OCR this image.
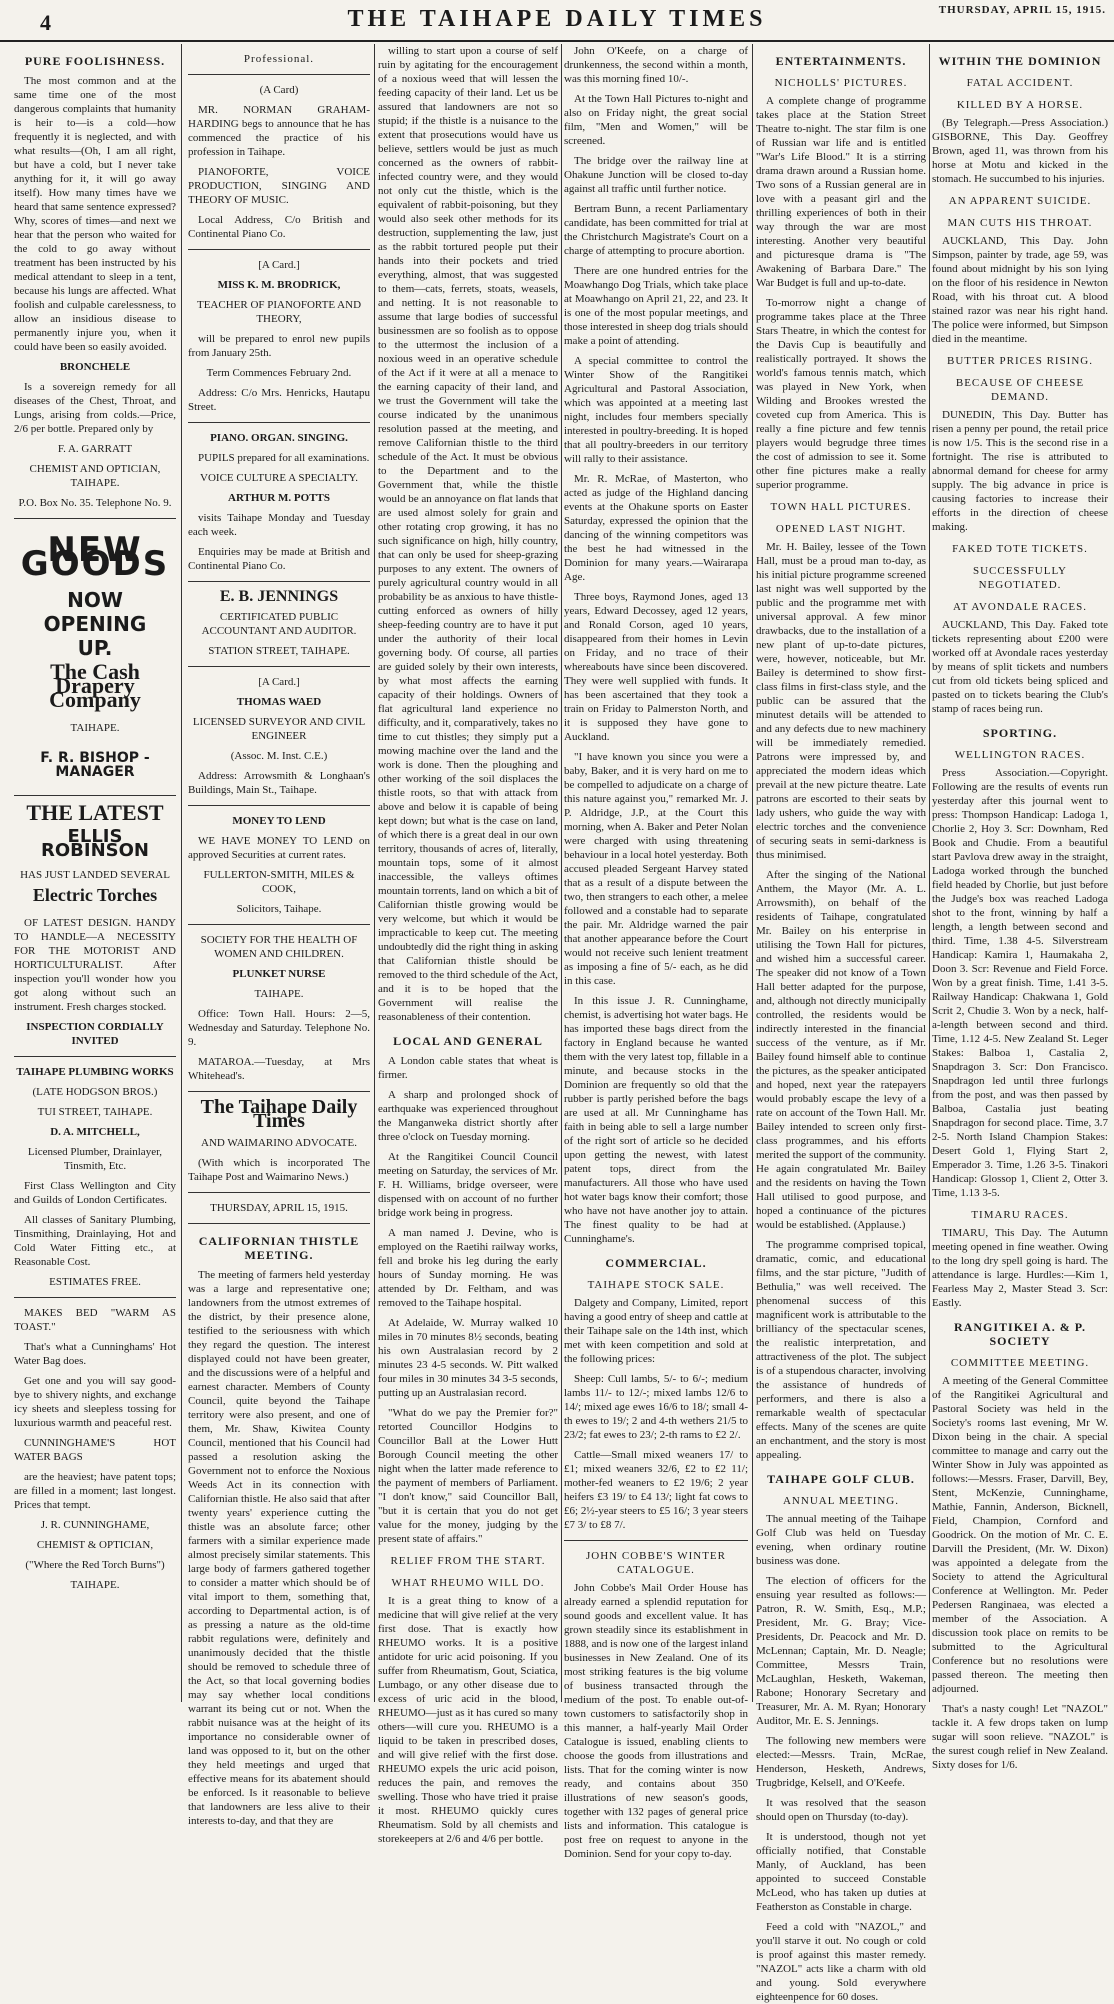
4	THE TAIHAPE DAILY TIMES	THURSDAY, APRIL 15, 1915.
PURE FOOLISHNESS.

The most common and at the same time one of the most dangerous complaints that humanity is heir to—is a cold—how frequently it is neglected, and with what results—(Oh, I am all right, but have a cold, but I never take anything for it, it will go away itself). How many times have we heard that same sentence expressed? Why, scores of times—and next we hear that the person who waited for the cold to go away without treatment has been instructed by his medical attendant to sleep in a tent, because his lungs are affected. What foolish and culpable carelessness, to allow an insidious disease to permanently injure you, when it could have been so easily avoided.

BRONCHELE

Is a sovereign remedy for all diseases of the Chest, Throat, and Lungs, arising from colds.—Price, 2/6 per bottle. Prepared only by

F. A. GARRATT

CHEMIST AND OPTICIAN, TAIHAPE.

P.O. Box No. 35. Telephone No. 9.

NEW GOODS
NOW
OPENING
UP.
The Cash Drapery Company
TAIHAPE.
F. R. BISHOP - MANAGER
THE LATEST
ELLIS ROBINSON
HAS JUST LANDED SEVERAL
Electric Torches

OF LATEST DESIGN. HANDY TO HANDLE—A NECESSITY FOR THE MOTORIST AND HORTICULTURALIST. After inspection you'll wonder how you got along without such an instrument. Fresh charges stocked.

INSPECTION CORDIALLY INVITED

TAIHAPE PLUMBING WORKS

(LATE HODGSON BROS.)

TUI STREET, TAIHAPE.

D. A. MITCHELL,

Licensed Plumber, Drainlayer, Tinsmith, Etc.

First Class Wellington and City and Guilds of London Certificates.

All classes of Sanitary Plumbing, Tinsmithing, Drainlaying, Hot and Cold Water Fitting etc., at Reasonable Cost.

ESTIMATES FREE.

MAKES BED "WARM AS TOAST."

That's what a Cunninghams' Hot Water Bag does.

Get one and you will say good-bye to shivery nights, and exchange icy sheets and sleepless tossing for luxurious warmth and peaceful rest.

CUNNINGHAME'S HOT WATER BAGS

are the heaviest; have patent tops; are filled in a moment; last longest. Prices that tempt.

J. R. CUNNINGHAME,

CHEMIST & OPTICIAN,

("Where the Red Torch Burns")

TAIHAPE.

Professional.

(A Card)

MR. NORMAN GRAHAM-HARDING begs to announce that he has commenced the practice of his profession in Taihape.

PIANOFORTE, VOICE PRODUCTION, SINGING AND THEORY OF MUSIC.

Local Address, C/o British and Continental Piano Co.

[A Card.]

MISS K. M. BRODRICK,

TEACHER OF PIANOFORTE AND THEORY,

will be prepared to enrol new pupils from January 25th.

Term Commences February 2nd.

Address: C/o Mrs. Henricks, Hautapu Street.

PIANO. ORGAN. SINGING.

PUPILS prepared for all examinations.

VOICE CULTURE A SPECIALTY.

ARTHUR M. POTTS

visits Taihape Monday and Tuesday each week.

Enquiries may be made at British and Continental Piano Co.

E. B. JENNINGS

CERTIFICATED PUBLIC ACCOUNTANT AND AUDITOR.

STATION STREET, TAIHAPE.

[A Card.]

THOMAS WAED

LICENSED SURVEYOR AND CIVIL ENGINEER

(Assoc. M. Inst. C.E.)

Address: Arrowsmith & Longhaan's Buildings, Main St., Taihape.

MONEY TO LEND

WE HAVE MONEY TO LEND on approved Securities at current rates.

FULLERTON-SMITH, MILES & COOK,

Solicitors, Taihape.

SOCIETY FOR THE HEALTH OF WOMEN AND CHILDREN.

PLUNKET NURSE

TAIHAPE.

Office: Town Hall. Hours: 2—5, Wednesday and Saturday. Telephone No. 9.

MATAROA.—Tuesday, at Mrs Whitehead's.

The Taihape Daily Times

AND WAIMARINO ADVOCATE.

(With which is incorporated The Taihape Post and Waimarino News.)

THURSDAY, APRIL 15, 1915.

CALIFORNIAN THISTLE MEETING.

The meeting of farmers held yesterday was a large and representative one; landowners from the utmost extremes of the district, by their presence alone, testified to the seriousness with which they regard the question. The interest displayed could not have been greater, and the discussions were of a helpful and earnest character. Members of County Council, quite beyond the Taihape territory were also present, and one of them, Mr. Shaw, Kiwitea County Council, mentioned that his Council had passed a resolution asking the Government not to enforce the Noxious Weeds Act in its connection with Californian thistle. He also said that after twenty years' experience cutting the thistle was an absolute farce; other farmers with a similar experience made almost precisely similar statements. This large body of farmers gathered together to consider a matter which should be of vital import to them, something that, according to Departmental action, is of as pressing a nature as the old-time rabbit regulations were, definitely and unanimously decided that the thistle should be removed to schedule three of the Act, so that local governing bodies may say whether local conditions warrant its being cut or not. When the rabbit nuisance was at the height of its importance no considerable owner of land was opposed to it, but on the other they held meetings and urged that effective means for its abatement should be enforced. Is it reasonable to believe that landowners are less alive to their interests to-day, and that they are

willing to start upon a course of self ruin by agitating for the encouragement of a noxious weed that will lessen the feeding capacity of their land. Let us be assured that landowners are not so stupid; if the thistle is a nuisance to the extent that prosecutions would have us believe, settlers would be just as much concerned as the owners of rabbit-infected country were, and they would not only cut the thistle, which is the equivalent of rabbit-poisoning, but they would also seek other methods for its destruction, supplementing the law, just as the rabbit tortured people put their hands into their pockets and tried everything, almost, that was suggested to them—cats, ferrets, stoats, weasels, and netting. It is not reasonable to assume that large bodies of successful businessmen are so foolish as to oppose to the uttermost the inclusion of a noxious weed in an operative schedule of the Act if it were at all a menace to the earning capacity of their land, and we trust the Government will take the course indicated by the unanimous resolution passed at the meeting, and remove Californian thistle to the third schedule of the Act. It must be obvious to the Department and to the Government that, while the thistle would be an annoyance on flat lands that are used almost solely for grain and other rotating crop growing, it has no such significance on high, hilly country, that can only be used for sheep-grazing purposes to any extent. The owners of purely agricultural country would in all probability be as anxious to have thistle-cutting enforced as owners of hilly sheep-feeding country are to have it put under the authority of their local governing body. Of course, all parties are guided solely by their own interests, by what most affects the earning capacity of their holdings. Owners of flat agricultural land experience no difficulty, and it, comparatively, takes no time to cut thistles; they simply put a mowing machine over the land and the work is done. Then the ploughing and other working of the soil displaces the thistle roots, so that with attack from above and below it is capable of being kept down; but what is the case on land, of which there is a great deal in our own territory, thousands of acres of, literally, mountain tops, some of it almost inaccessible, the valleys oftimes mountain torrents, land on which a bit of Californian thistle growing would be very welcome, but which it would be impracticable to keep cut. The meeting undoubtedly did the right thing in asking that Californian thistle should be removed to the third schedule of the Act, and it is to be hoped that the Government will realise the reasonableness of their contention.

LOCAL AND GENERAL

A London cable states that wheat is firmer.

A sharp and prolonged shock of earthquake was experienced throughout the Manganweka district shortly after three o'clock on Tuesday morning.

At the Rangitikei Council Council meeting on Saturday, the services of Mr. F. H. Williams, bridge overseer, were dispensed with on account of no further bridge work being in progress.

A man named J. Devine, who is employed on the Raetihi railway works, fell and broke his leg during the early hours of Sunday morning. He was attended by Dr. Feltham, and was removed to the Taihape hospital.

At Adelaide, W. Murray walked 10 miles in 70 minutes 8½ seconds, beating his own Australasian record by 2 minutes 23 4-5 seconds. W. Pitt walked four miles in 30 minutes 34 3-5 seconds, putting up an Australasian record.

"What do we pay the Premier for?" retorted Councillor Hodgins to Councillor Ball at the Lower Hutt Borough Council meeting the other night when the latter made reference to the payment of members of Parliament. "I don't know," said Councillor Ball, "but it is certain that you do not get value for the money, judging by the present state of affairs."

RELIEF FROM THE START.
WHAT RHEUMO WILL DO.

It is a great thing to know of a medicine that will give relief at the very first dose. That is exactly how RHEUMO works. It is a positive antidote for uric acid poisoning. If you suffer from Rheumatism, Gout, Sciatica, Lumbago, or any other disease due to excess of uric acid in the blood, RHEUMO—just as it has cured so many others—will cure you. RHEUMO is a liquid to be taken in prescribed doses, and will give relief with the first dose. RHEUMO expels the uric acid poison, reduces the pain, and removes the swelling. Those who have tried it praise it most. RHEUMO quickly cures Rheumatism. Sold by all chemists and storekeepers at 2/6 and 4/6 per bottle.

John O'Keefe, on a charge of drunkenness, the second within a month, was this morning fined 10/-.

At the Town Hall Pictures to-night and also on Friday night, the great social film, "Men and Women," will be screened.

The bridge over the railway line at Ohakune Junction will be closed to-day against all traffic until further notice.

Bertram Bunn, a recent Parliamentary candidate, has been committed for trial at the Christchurch Magistrate's Court on a charge of attempting to procure abortion.

There are one hundred entries for the Moawhango Dog Trials, which take place at Moawhango on April 21, 22, and 23. It is one of the most popular meetings, and those interested in sheep dog trials should make a point of attending.

A special committee to control the Winter Show of the Rangitikei Agricultural and Pastoral Association, which was appointed at a meeting last night, includes four members specially interested in poultry-breeding. It is hoped that all poultry-breeders in our territory will rally to their assistance.

Mr. R. McRae, of Masterton, who acted as judge of the Highland dancing events at the Ohakune sports on Easter Saturday, expressed the opinion that the dancing of the winning competitors was the best he had witnessed in the Dominion for many years.—Wairarapa Age.

Three boys, Raymond Jones, aged 13 years, Edward Decossey, aged 12 years, and Ronald Corson, aged 10 years, disappeared from their homes in Levin on Friday, and no trace of their whereabouts have since been discovered. They were well supplied with funds. It has been ascertained that they took a train on Friday to Palmerston North, and it is supposed they have gone to Auckland.

"I have known you since you were a baby, Baker, and it is very hard on me to be compelled to adjudicate on a charge of this nature against you," remarked Mr. J. P. Aldridge, J.P., at the Court this morning, when A. Baker and Peter Nolan were charged with using threatening behaviour in a local hotel yesterday. Both accused pleaded Sergeant Harvey stated that as a result of a dispute between the two, then strangers to each other, a melee followed and a constable had to separate the pair. Mr. Aldridge warned the pair that another appearance before the Court would not receive such lenient treatment as imposing a fine of 5/- each, as he did in this case.

In this issue J. R. Cunninghame, chemist, is advertising hot water bags. He has imported these bags direct from the factory in England because he wanted them with the very latest top, fillable in a minute, and because stocks in the Dominion are frequently so old that the rubber is partly perished before the bags are used at all. Mr Cunninghame has faith in being able to sell a large number of the right sort of article so he decided upon getting the newest, with latest patent tops, direct from the manufacturers. All those who have used hot water bags know their comfort; those who have not have another joy to attain. The finest quality to be had at Cunninghame's.

COMMERCIAL.
TAIHAPE STOCK SALE.

Dalgety and Company, Limited, report having a good entry of sheep and cattle at their Taihape sale on the 14th inst, which met with keen competition and sold at the following prices:

Sheep: Cull lambs, 5/- to 6/-; medium lambs 11/- to 12/-; mixed lambs 12/6 to 14/; mixed age ewes 16/6 to 18/; small 4-th ewes to 19/; 2 and 4-th wethers 21/5 to 23/2; fat ewes to 23/; 2-th rams to £2 2/.

Cattle—Small mixed weaners 17/ to £1; mixed weaners 32/6, £2 to £2 11/; mother-fed weaners to £2 19/6; 2 year heifers £3 19/ to £4 13/; light fat cows to £6; 2½-year steers to £5 16/; 3 year steers £7 3/ to £8 7/.

JOHN COBBE'S WINTER CATALOGUE.

John Cobbe's Mail Order House has already earned a splendid reputation for sound goods and excellent value. It has grown steadily since its establishment in 1888, and is now one of the largest inland businesses in New Zealand. One of its most striking features is the big volume of business transacted through the medium of the post. To enable out-of-town customers to satisfactorily shop in this manner, a half-yearly Mail Order Catalogue is issued, enabling clients to choose the goods from illustrations and lists. That for the coming winter is now ready, and contains about 350 illustrations of new season's goods, together with 132 pages of general price lists and information. This catalogue is post free on request to anyone in the Dominion. Send for your copy to-day.

ENTERTAINMENTS.
NICHOLLS' PICTURES.

A complete change of programme takes place at the Station Street Theatre to-night. The star film is one of Russian war life and is entitled "War's Life Blood." It is a stirring drama drawn around a Russian home. Two sons of a Russian general are in love with a peasant girl and the thrilling experiences of both in their way through the war are most interesting. Another very beautiful and picturesque drama is "The Awakening of Barbara Dare." The War Budget is full and up-to-date.

To-morrow night a change of programme takes place at the Three Stars Theatre, in which the contest for the Davis Cup is beautifully and realistically portrayed. It shows the world's famous tennis match, which was played in New York, when Wilding and Brookes wrested the coveted cup from America. This is really a fine picture and few tennis players would begrudge three times the cost of admission to see it. Some other fine pictures make a really superior programme.

TOWN HALL PICTURES.
OPENED LAST NIGHT.

Mr. H. Bailey, lessee of the Town Hall, must be a proud man to-day, as his initial picture programme screened last night was well supported by the public and the programme met with universal approval. A few minor drawbacks, due to the installation of a new plant of up-to-date pictures, were, however, noticeable, but Mr. Bailey is determined to show first-class films in first-class style, and the public can be assured that the minutest details will be attended to and any defects due to new machinery will be immediately remedied. Patrons were impressed by, and appreciated the modern ideas which prevail at the new picture theatre. Late patrons are escorted to their seats by lady ushers, who guide the way with electric torches and the convenience of securing seats in semi-darkness is thus minimised.

After the singing of the National Anthem, the Mayor (Mr. A. L. Arrowsmith), on behalf of the residents of Taihape, congratulated Mr. Bailey on his enterprise in utilising the Town Hall for pictures, and wished him a successful career. The speaker did not know of a Town Hall better adapted for the purpose, and, although not directly municipally controlled, the residents would be indirectly interested in the financial success of the venture, as if Mr. Bailey found himself able to continue the pictures, as the speaker anticipated and hoped, next year the ratepayers would probably escape the levy of a rate on account of the Town Hall. Mr. Bailey intended to screen only first-class programmes, and his efforts merited the support of the community. He again congratulated Mr. Bailey and the residents on having the Town Hall utilised to good purpose, and hoped a continuance of the pictures would be established. (Applause.)

The programme comprised topical, dramatic, comic, and educational films, and the star picture, "Judith of Bethulia," was well received. The phenomenal success of this magnificent work is attributable to the brilliancy of the spectacular scenes, the realistic interpretation, and attractiveness of the plot. The subject is of a stupendous character, involving the assistance of hundreds of performers, and there is also a remarkable wealth of spectacular effects. Many of the scenes are quite an enchantment, and the story is most appealing.

TAIHAPE GOLF CLUB.
ANNUAL MEETING.

The annual meeting of the Taihape Golf Club was held on Tuesday evening, when ordinary routine business was done.

The election of officers for the ensuing year resulted as follows:—Patron, R. W. Smith, Esq., M.P.; President, Mr. G. Bray; Vice-Presidents, Dr. Peacock and Mr. D. McLennan; Captain, Mr. D. Neagle; Committee, Messrs Train, McLaughlan, Hesketh, Wakeman, Rabone; Honorary Secretary and Treasurer, Mr. A. M. Ryan; Honorary Auditor, Mr. E. S. Jennings.

The following new members were elected:—Messrs. Train, McRae, Henderson, Hesketh, Andrews, Trugbridge, Kelsell, and O'Keefe.

It was resolved that the season should open on Thursday (to-day).

It is understood, though not yet officially notified, that Constable Manly, of Auckland, has been appointed to succeed Constable McLeod, who has taken up duties at Featherston as Constable in charge.

Feed a cold with "NAZOL," and you'll starve it out. No cough or cold is proof against this master remedy. "NAZOL" acts like a charm with old and young. Sold everywhere eighteenpence for 60 doses.

WITHIN THE DOMINION
FATAL ACCIDENT.
KILLED BY A HORSE.

(By Telegraph.—Press Association.) GISBORNE, This Day. Geoffrey Brown, aged 11, was thrown from his horse at Motu and kicked in the stomach. He succumbed to his injuries.

AN APPARENT SUICIDE.
MAN CUTS HIS THROAT.

AUCKLAND, This Day. John Simpson, painter by trade, age 59, was found about midnight by his son lying on the floor of his residence in Newton Road, with his throat cut. A blood stained razor was near his right hand. The police were informed, but Simpson died in the meantime.

BUTTER PRICES RISING.
BECAUSE OF CHEESE DEMAND.

DUNEDIN, This Day. Butter has risen a penny per pound, the retail price is now 1/5. This is the second rise in a fortnight. The rise is attributed to abnormal demand for cheese for army supply. The big advance in price is causing factories to increase their efforts in the direction of cheese making.

FAKED TOTE TICKETS.
SUCCESSFULLY NEGOTIATED.
AT AVONDALE RACES.

AUCKLAND, This Day. Faked tote tickets representing about £200 were worked off at Avondale races yesterday by means of split tickets and numbers cut from old tickets being spliced and pasted on to tickets bearing the Club's stamp of races being run.

SPORTING.
WELLINGTON RACES.

Press Association.—Copyright. Following are the results of events run yesterday after this journal went to press: Thompson Handicap: Ladoga 1, Chorlie 2, Hoy 3. Scr: Downham, Red Book and Chudie. From a beautiful start Pavlova drew away in the straight, Ladoga worked through the bunched field headed by Chorlie, but just before the Judge's box was reached Ladoga shot to the front, winning by half a length, a length between second and third. Time, 1.38 4-5. Silverstream Handicap: Kamira 1, Haumakaha 2, Doon 3. Scr: Revenue and Field Force. Won by a great finish. Time, 1.41 3-5. Railway Handicap: Chakwana 1, Gold Scrit 2, Chudie 3. Won by a neck, half-a-length between second and third. Time, 1.12 4-5. New Zealand St. Leger Stakes: Balboa 1, Castalia 2, Snapdragon 3. Scr: Don Francisco. Snapdragon led until three furlongs from the post, and was then passed by Balboa, Castalia just beating Snapdragon for second place. Time, 3.7 2-5. North Island Champion Stakes: Desert Gold 1, Flying Start 2, Emperador 3. Time, 1.26 3-5. Tinakori Handicap: Glossop 1, Client 2, Otter 3. Time, 1.13 3-5.

TIMARU RACES.

TIMARU, This Day. The Autumn meeting opened in fine weather. Owing to the long dry spell going is hard. The attendance is large. Hurdles:—Kim 1, Fearless May 2, Master Stead 3. Scr: Eastly.

RANGITIKEI A. & P. SOCIETY
COMMITTEE MEETING.

A meeting of the General Committee of the Rangitikei Agricultural and Pastoral Society was held in the Society's rooms last evening, Mr W. Dixon being in the chair. A special committee to manage and carry out the Winter Show in July was appointed as follows:—Messrs. Fraser, Darvill, Bey, Stent, McKenzie, Cunninghame, Mathie, Fannin, Anderson, Bicknell, Field, Champion, Cornford and Goodrick. On the motion of Mr. C. E. Darvill the President, (Mr. W. Dixon) was appointed a delegate from the Society to attend the Agricultural Conference at Wellington. Mr. Peder Pedersen Ranginaea, was elected a member of the Association. A discussion took place on remits to be submitted to the Agricultural Conference but no resolutions were passed thereon. The meeting then adjourned.

That's a nasty cough! Let "NAZOL" tackle it. A few drops taken on lump sugar will soon relieve. "NAZOL" is the surest cough relief in New Zealand. Sixty doses for 1/6.
